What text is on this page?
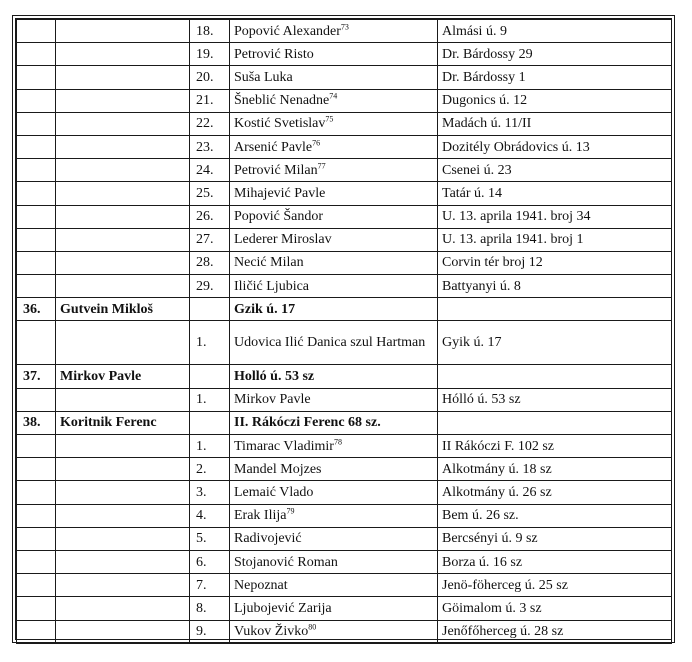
		18.	Popović Alexander$^{73}$	Almási ú. 9
		19.	Petrović Risto	Dr. Bárdossy 29
		20.	Suša Luka	Dr. Bárdossy 1
		21.	Šneblić Nenadne$^{74}$	Dugonics ú. 12
		22.	Kostić Svetislav$^{75}$	Madách ú. 11/II
		23.	Arsenić Pavle$^{76}$	Dozitély Obrádovics ú. 13
		24.	Petrović Milan$^{77}$	Csenei ú. 23
		25.	Mihajević Pavle	Tatár ú. 14
		26.	Popović Šandor	U. 13. aprila 1941. broj 34
		27.	Lederer Miroslav	U. 13. aprila 1941. broj 1
		28.	Necić Milan	Corvin tér broj 12
		29.	Iličić Ljubica	Battyanyi ú. 8
36.	Gutvein Mikloš		Gzik ú. 17	
		1.	Udovica Ilić Danica szul Hartman	Gyik ú. 17
37.	Mirkov Pavle		Holló ú. 53 sz	
		1.	Mirkov Pavle	Hólló ú. 53 sz
38.	Koritnik Ferenc		II. Rákóczi Ferenc 68 sz.	
		1.	Timarac Vladimir$^{78}$	II Rákóczi F. 102 sz
		2.	Mandel Mojzes	Alkotmány ú. 18 sz
		3.	Lemaić Vlado	Alkotmány ú. 26 sz
		4.	Erak Ilija$^{79}$	Bem ú. 26 sz.
		5.	Radivojević	Bercsényi ú. 9 sz
		6.	Stojanović Roman	Borza ú. 16 sz
		7.	Nepoznat	Jenö-föherceg ú. 25 sz
		8.	Ljubojević Zarija	Göimalom ú. 3 sz
		9.	Vukov Živko$^{80}$	Jenőfőherceg ú. 28 sz
